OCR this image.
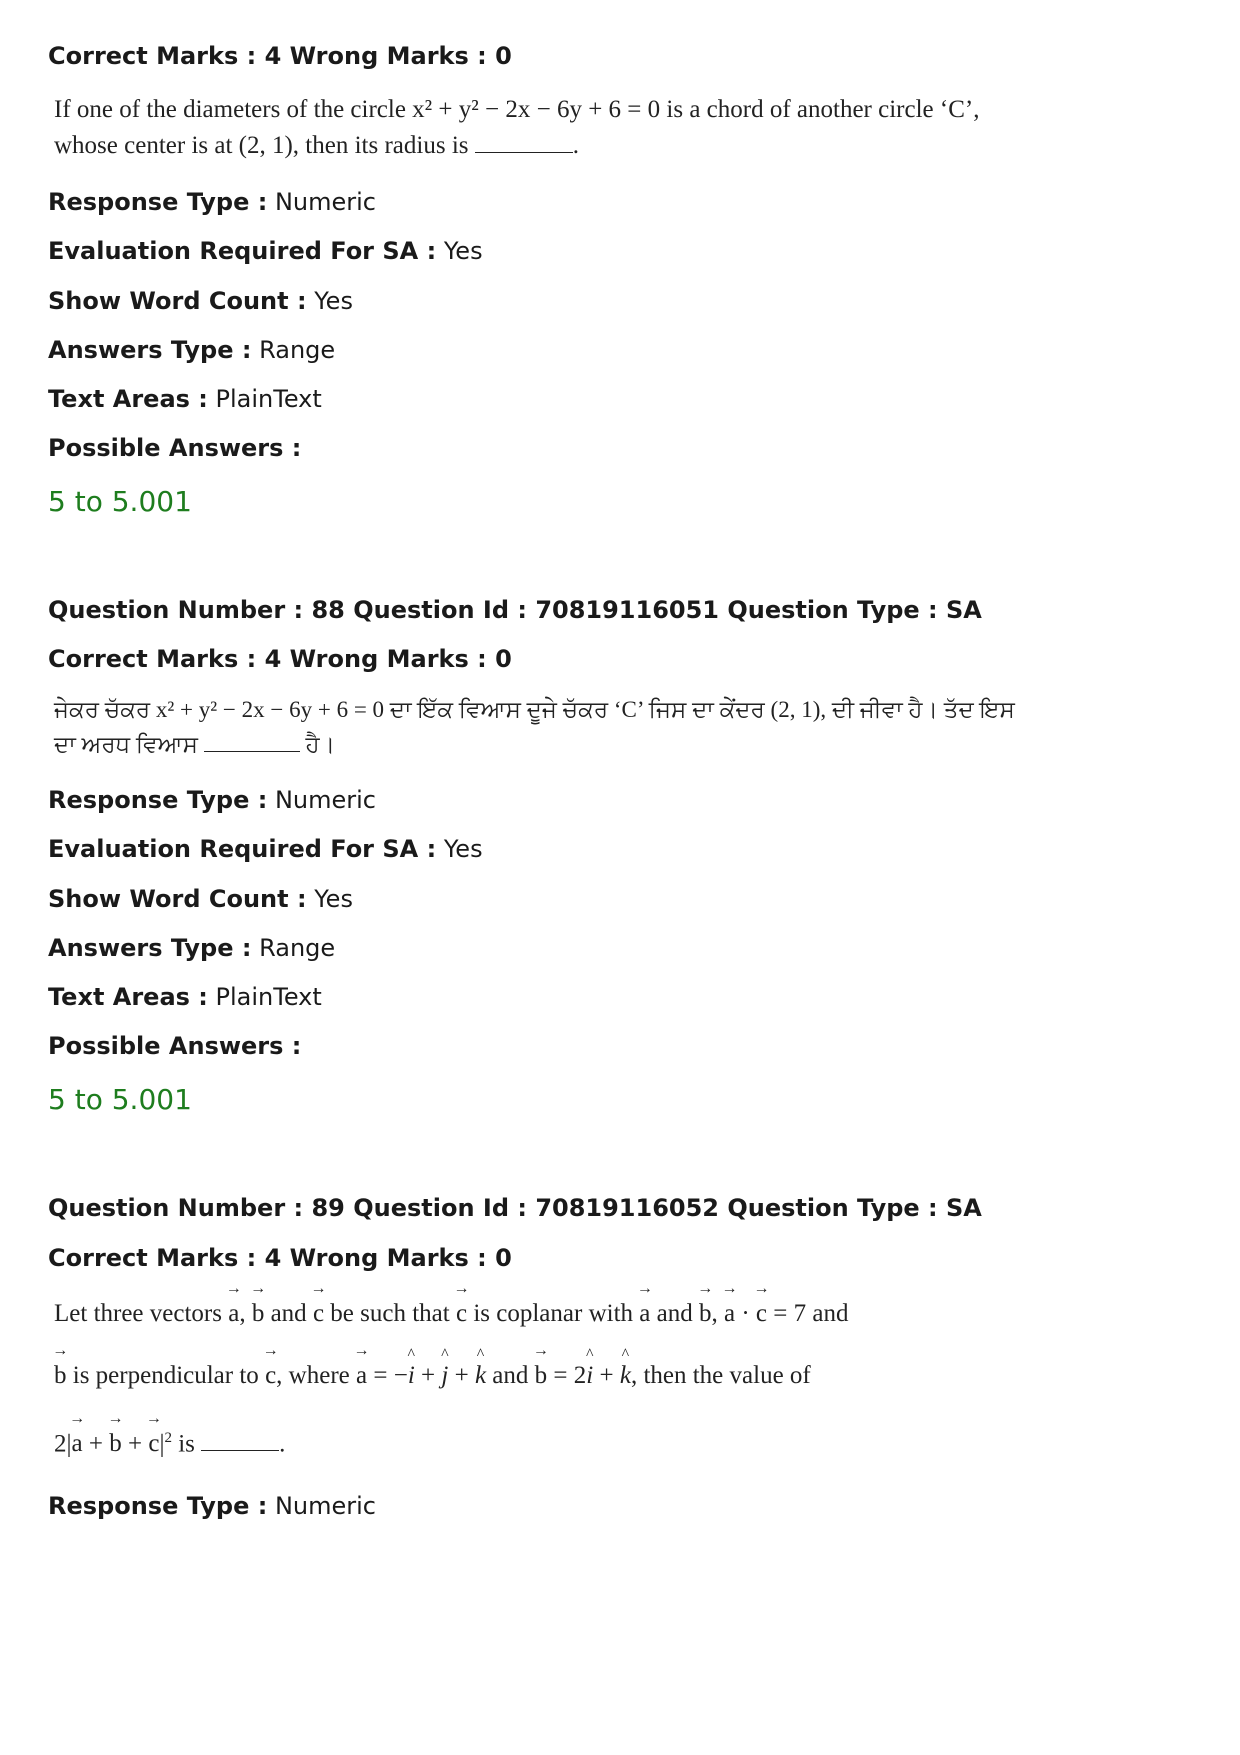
Correct Marks : 4 Wrong Marks : 0
If one of the diameters of the circle x² + y² − 2x − 6y + 6 = 0 is a chord of another circle ‘C’,
whose center is at (2, 1), then its radius is	.
Response Type : Numeric
Evaluation Required For SA : Yes
Show Word Count : Yes
Answers Type : Range
Text Areas : PlainText
Possible Answers :
5 to 5.001
Question Number : 88 Question Id : 70819116051 Question Type : SA
Correct Marks : 4 Wrong Marks : 0
ਜੇਕਰ ਚੱਕਰ x² + y² − 2x − 6y + 6 = 0 ਦਾ ਇੱਕ ਵਿਆਸ ਦੂਜੇ ਚੱਕਰ ‘C’ ਜਿਸ ਦਾ ਕੇਂਦਰ (2, 1), ਦੀ ਜੀਵਾ ਹੈ। ਤੱਦ ਇਸ
ਦਾ ਅਰਧ ਵਿਆਸ	ਹੈ।
Response Type : Numeric
Evaluation Required For SA : Yes
Show Word Count : Yes
Answers Type : Range
Text Areas : PlainText
Possible Answers :
5 to 5.001
Question Number : 89 Question Id : 70819116052 Question Type : SA
Correct Marks : 4 Wrong Marks : 0
Let three vectors → a, → b and → c be such that → c is coplanar with → a and → b, → a · → c = 7 and
→ b is perpendicular to → c, where → a = −^ i + ^ j + ^ k and → b = 2^ i + ^ k, then the value of
2|→ a + → b + → $c|^2$ is	.
Response Type : Numeric
